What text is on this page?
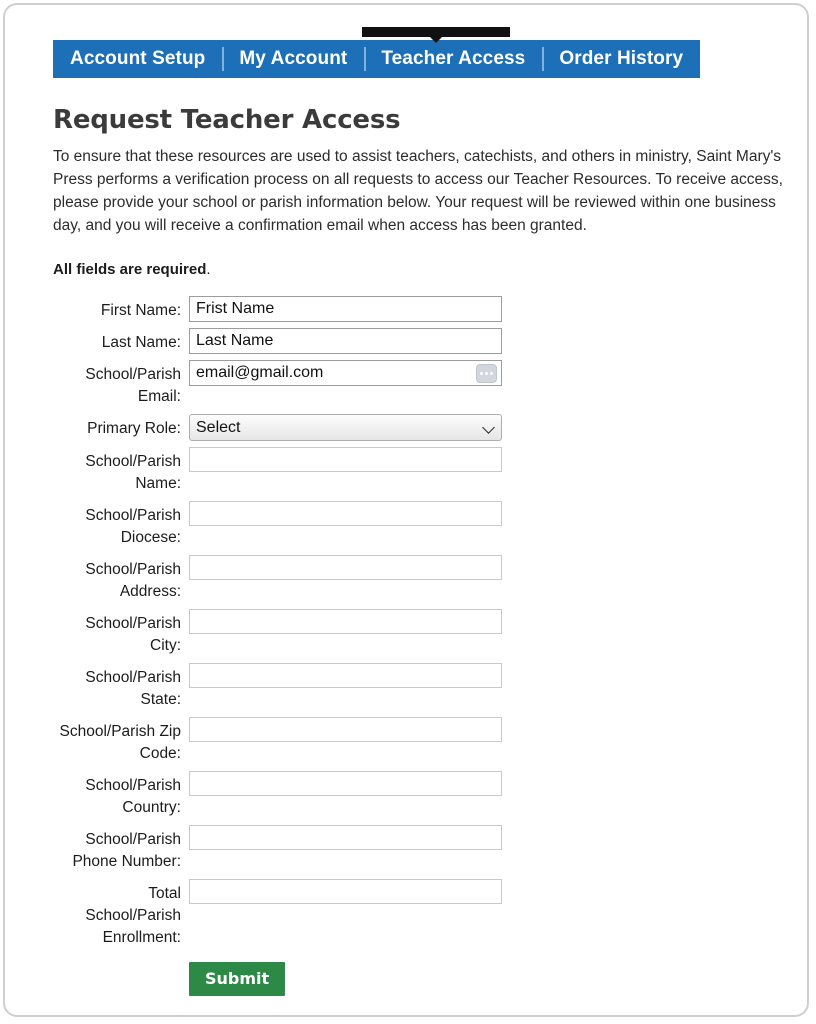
Account Setup	My Account	Teacher Access	Order History
Request Teacher Access

To ensure that these resources are used to assist teachers, catechists, and others in ministry, Saint Mary's Press performs a verification process on all requests to access our Teacher Resources. To receive access, please provide your school or parish information below. Your request will be reviewed within one business day, and you will receive a confirmation email when access has been granted.

All fields are required.

First Name:
Frist Name
Last Name:
Last Name
School/Parish Email:
email@gmail.com
Primary Role:
Select
School/Parish Name:
School/Parish Diocese:
School/Parish Address:
School/Parish City:
School/Parish State:
School/Parish Zip Code:
School/Parish Country:
School/Parish Phone Number:
Total School/Parish Enrollment:
Submit
